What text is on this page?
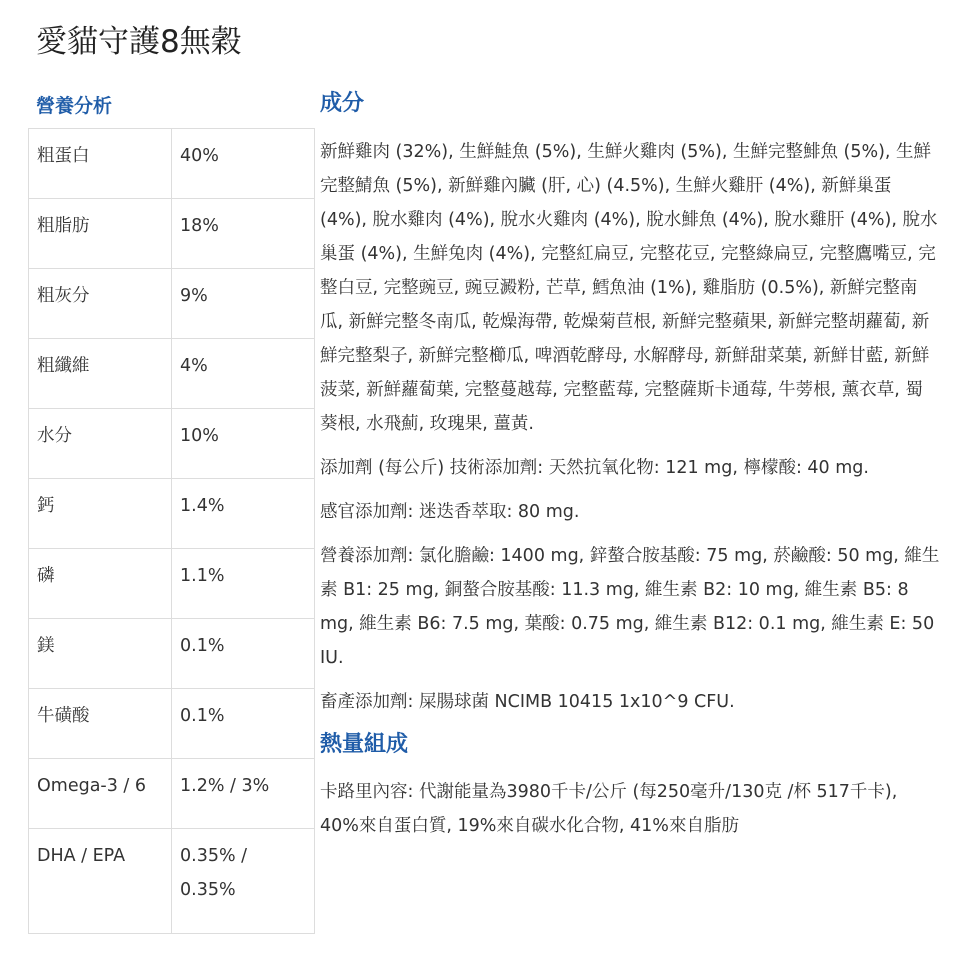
愛貓守護8無穀
營養分析
粗蛋白	40%
粗脂肪	18%
粗灰分	9%
粗纖維	4%
水分	10%
鈣	1.4%
磷	1.1%
鎂	0.1%
牛磺酸	0.1%
Omega-3 / 6	1.2% / 3%
DHA / EPA	0.35% / 0.35%
成分

新鮮雞肉 (32%), 生鮮鮭魚 (5%), 生鮮火雞肉 (5%), 生鮮完整鯡魚 (5%), 生鮮完整鯖魚 (5%), 新鮮雞內臟 (肝, 心) (4.5%), 生鮮火雞肝 (4%), 新鮮巢蛋 (4%), 脫水雞肉 (4%), 脫水火雞肉 (4%), 脫水鯡魚 (4%), 脫水雞肝 (4%), 脫水巢蛋 (4%), 生鮮兔肉 (4%), 完整紅扁豆, 完整花豆, 完整綠扁豆, 完整鷹嘴豆, 完整白豆, 完整豌豆, 豌豆澱粉, 芒草, 鱈魚油 (1%), 雞脂肪 (0.5%), 新鮮完整南瓜, 新鮮完整冬南瓜, 乾燥海帶, 乾燥菊苣根, 新鮮完整蘋果, 新鮮完整胡蘿蔔, 新鮮完整梨子, 新鮮完整櫛瓜, 啤酒乾酵母, 水解酵母, 新鮮甜菜葉, 新鮮甘藍, 新鮮菠菜, 新鮮蘿蔔葉, 完整蔓越莓, 完整藍莓, 完整薩斯卡通莓, 牛蒡根, 薰衣草, 蜀葵根, 水飛薊, 玫瑰果, 薑黃.

添加劑 (每公斤) 技術添加劑: 天然抗氧化物: 121 mg, 檸檬酸: 40 mg.

感官添加劑: 迷迭香萃取: 80 mg.

營養添加劑: 氯化膽鹼: 1400 mg, 鋅螯合胺基酸: 75 mg, 菸鹼酸: 50 mg, 維生素 B1: 25 mg, 銅螯合胺基酸: 11.3 mg, 維生素 B2: 10 mg, 維生素 B5: 8 mg, 維生素 B6: 7.5 mg, 葉酸: 0.75 mg, 維生素 B12: 0.1 mg, 維生素 E: 50 IU.

畜產添加劑: 屎腸球菌 NCIMB 10415 1x10^9 CFU.

熱量組成

卡路里內容: 代謝能量為3980千卡/公斤 (每250毫升/130克 /杯 517千卡), 40%來自蛋白質, 19%來自碳水化合物, 41%來自脂肪
